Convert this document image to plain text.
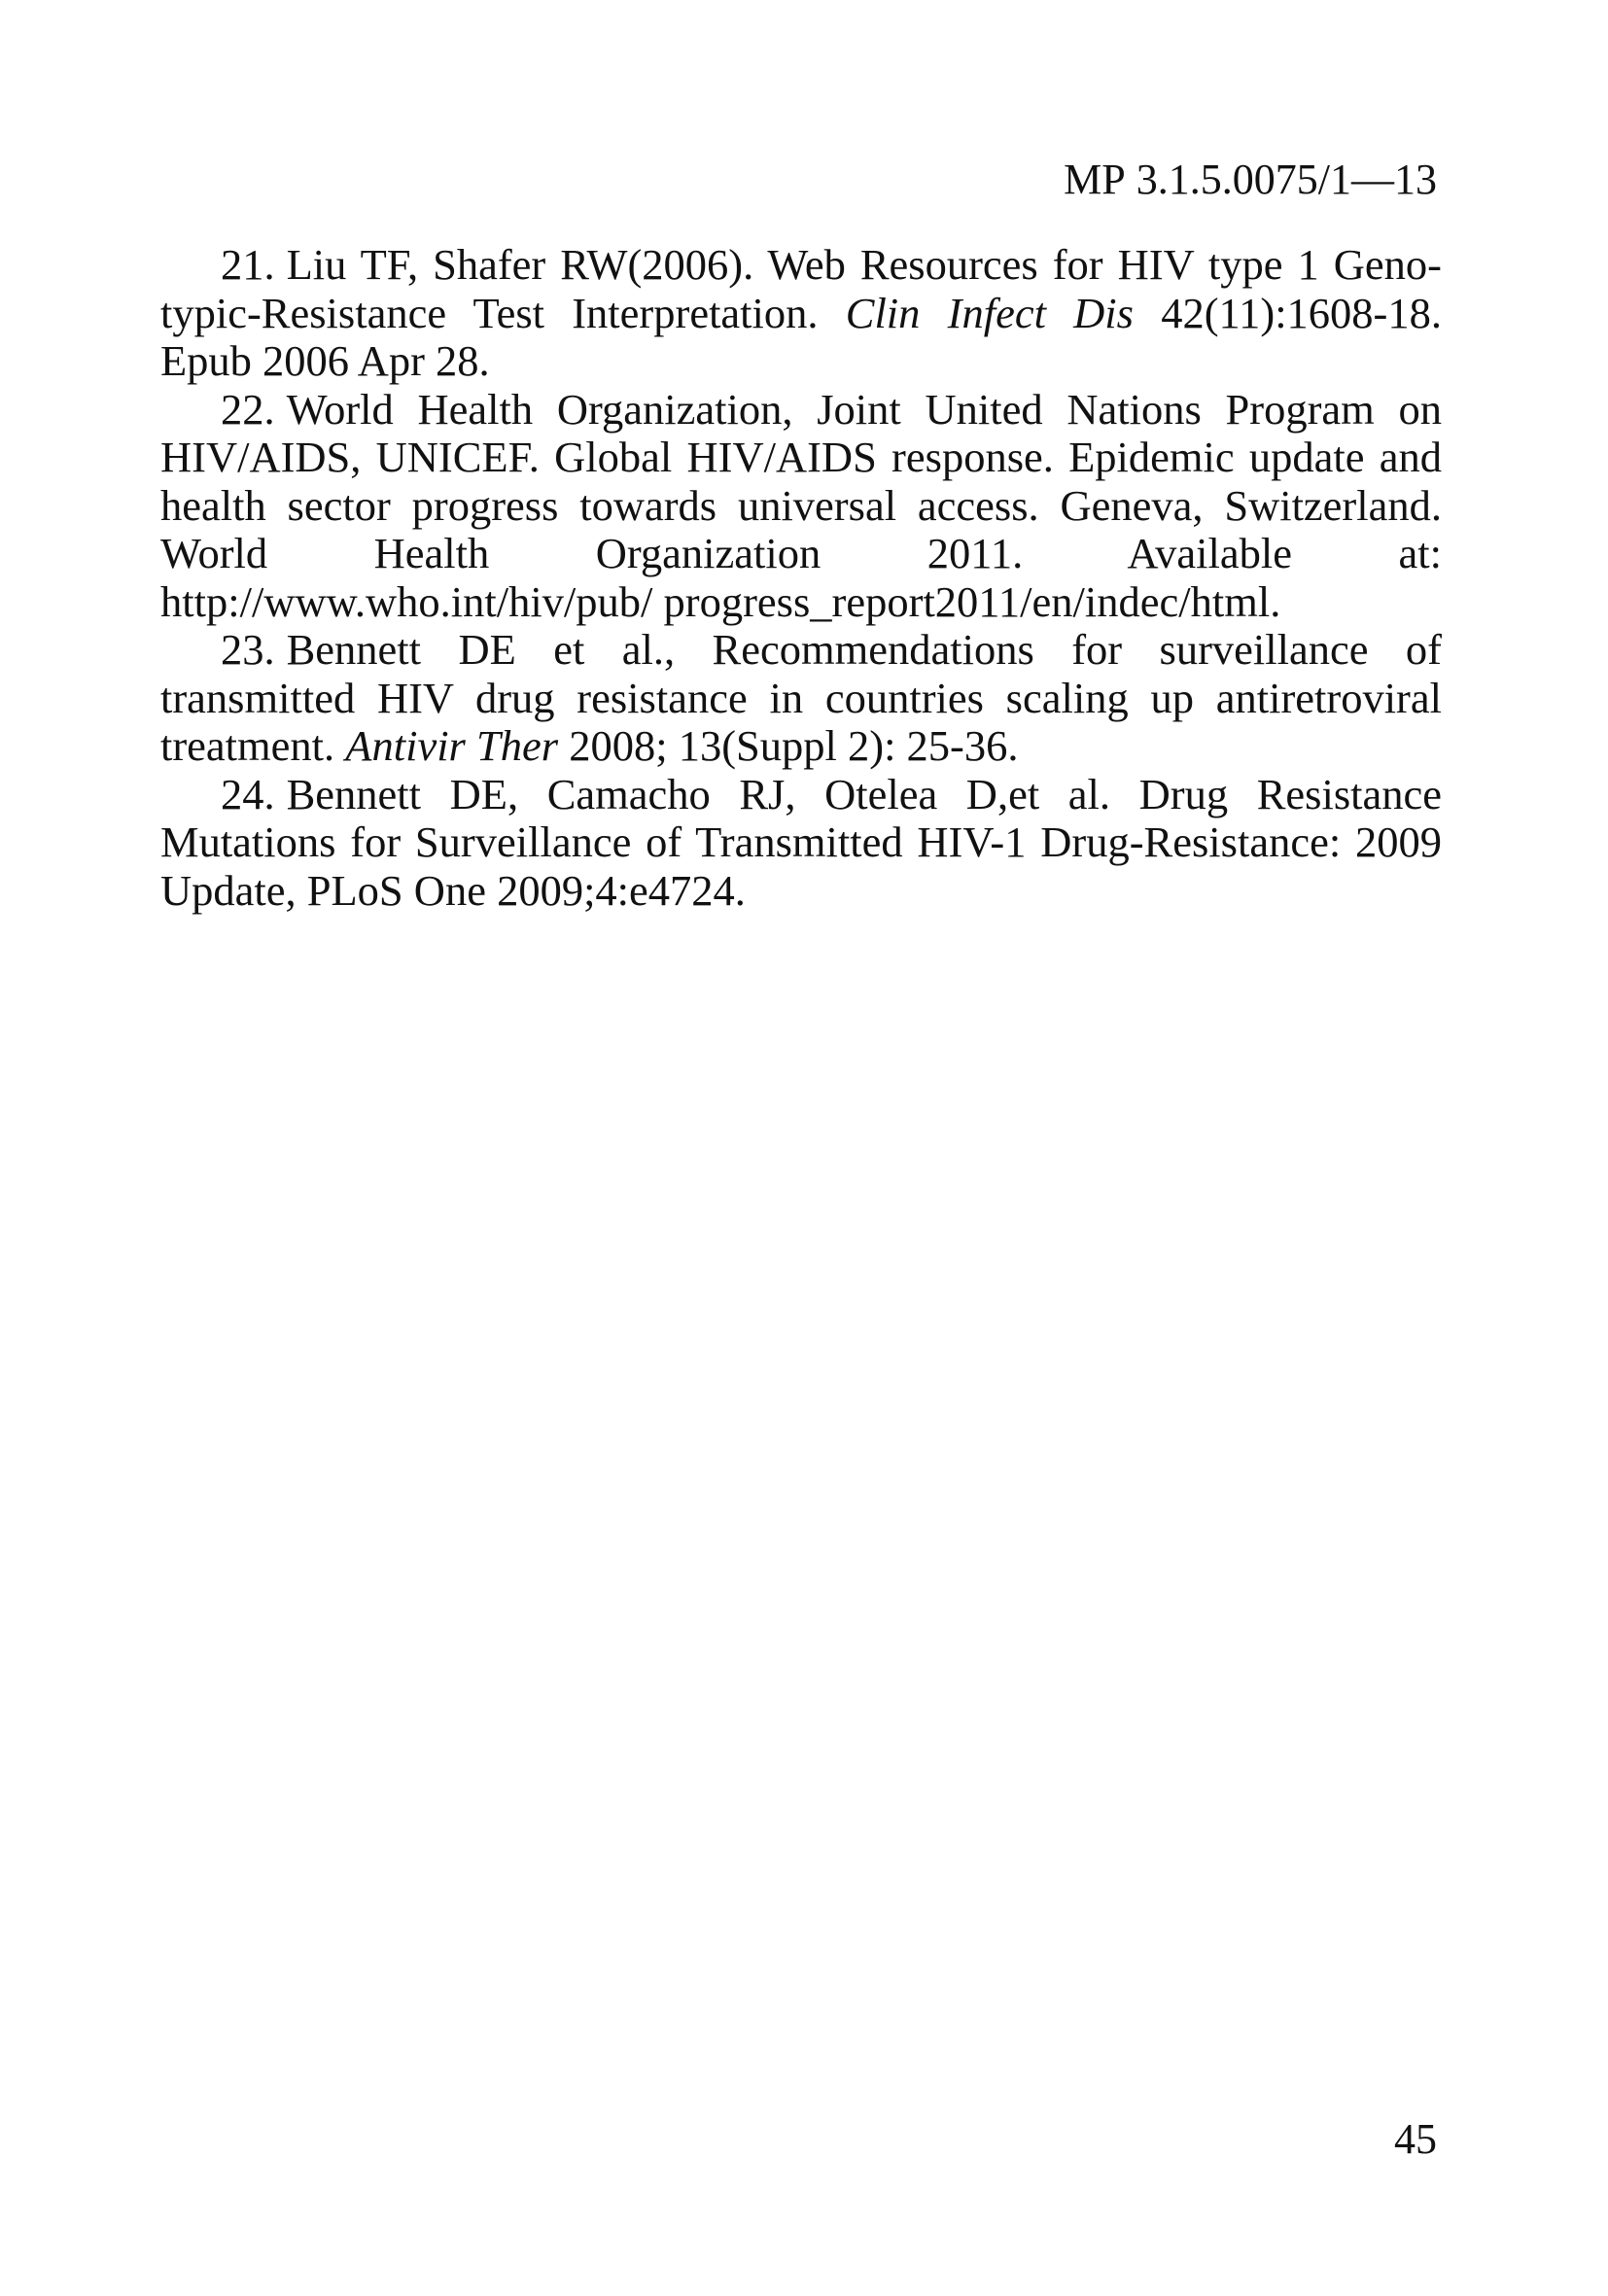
МР 3.1.5.0075/1—13

21. Liu TF, Shafer RW(2006). Web Resources for HIV type 1 Genotypic-Resistance Test Interpretation. Clin Infect Dis 42(11):1608-18. Epub 2006 Apr 28.

22. World Health Organization, Joint United Nations Program on HIV/AIDS, UNICEF. Global HIV/AIDS response. Epidemic update and health sector progress towards universal access. Geneva, Switzerland. World Health Organization 2011. Available at: http://www.who.int/hiv/pub/ progress_report2011/en/indec/html.

23. Bennett DE et al., Recommendations for surveillance of transmitted HIV drug resistance in countries scaling up antiretroviral treatment. Antivir Ther 2008; 13(Suppl 2): 25-36.

24. Bennett DE, Camacho RJ, Otelea D,et al. Drug Resistance Mutations for Surveillance of Transmitted HIV-1 Drug-Resistance: 2009 Update, PLoS One 2009;4:e4724.

45
